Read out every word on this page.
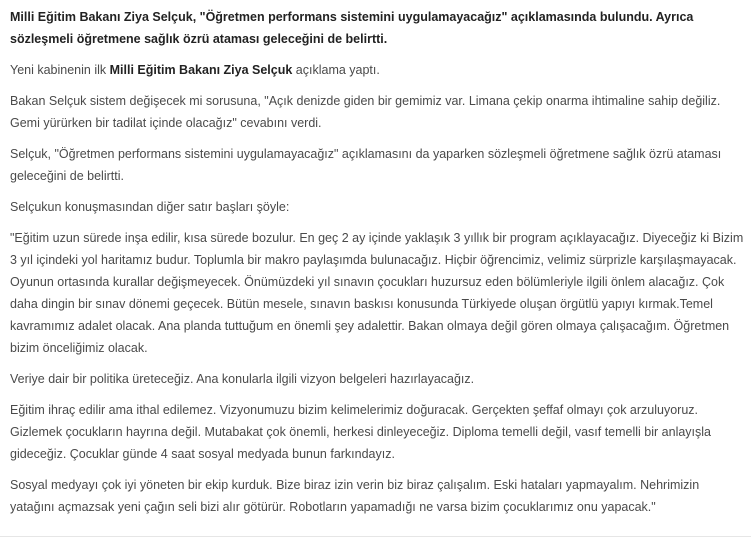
Milli Eğitim Bakanı Ziya Selçuk, "Öğretmen performans sistemini uygulamayacağız" açıklamasında bulundu. Ayrıca sözleşmeli öğretmene sağlık özrü ataması geleceğini de belirtti.

Yeni kabinenin ilk Milli Eğitim Bakanı Ziya Selçuk açıklama yaptı.

Bakan Selçuk sistem değişecek mi sorusuna, "Açık denizde giden bir gemimiz var. Limana çekip onarma ihtimaline sahip değiliz. Gemi yürürken bir tadilat içinde olacağız" cevabını verdi.

Selçuk, "Öğretmen performans sistemini uygulamayacağız" açıklamasını da yaparken sözleşmeli öğretmene sağlık özrü ataması geleceğini de belirtti.

Selçukun konuşmasından diğer satır başları şöyle:

"Eğitim uzun sürede inşa edilir, kısa sürede bozulur. En geç 2 ay içinde yaklaşık 3 yıllık bir program açıklayacağız. Diyeceğiz ki Bizim 3 yıl içindeki yol haritamız budur. Toplumla bir makro paylaşımda bulunacağız. Hiçbir öğrencimiz, velimiz sürprizle karşılaşmayacak. Oyunun ortasında kurallar değişmeyecek. Önümüzdeki yıl sınavın çocukları huzursuz eden bölümleriyle ilgili önlem alacağız. Çok daha dingin bir sınav dönemi geçecek. Bütün mesele, sınavın baskısı konusunda Türkiyede oluşan örgütlü yapıyı kırmak.Temel kavramımız adalet olacak. Ana planda tuttuğum en önemli şey adalettir. Bakan olmaya değil gören olmaya çalışacağım. Öğretmen bizim önceliğimiz olacak.

Veriye dair bir politika üreteceğiz. Ana konularla ilgili vizyon belgeleri hazırlayacağız.

Eğitim ihraç edilir ama ithal edilemez. Vizyonumuzu bizim kelimelerimiz doğuracak. Gerçekten şeffaf olmayı çok arzuluyoruz. Gizlemek çocukların hayrına değil. Mutabakat çok önemli, herkesi dinleyeceğiz. Diploma temelli değil, vasıf temelli bir anlayışla gideceğiz. Çocuklar günde 4 saat sosyal medyada bunun farkındayız.

Sosyal medyayı çok iyi yöneten bir ekip kurduk. Bize biraz izin verin biz biraz çalışalım. Eski hataları yapmayalım. Nehrimizin yatağını açmazsak yeni çağın seli bizi alır götürür. Robotların yapamadığı ne varsa bizim çocuklarımız onu yapacak."
